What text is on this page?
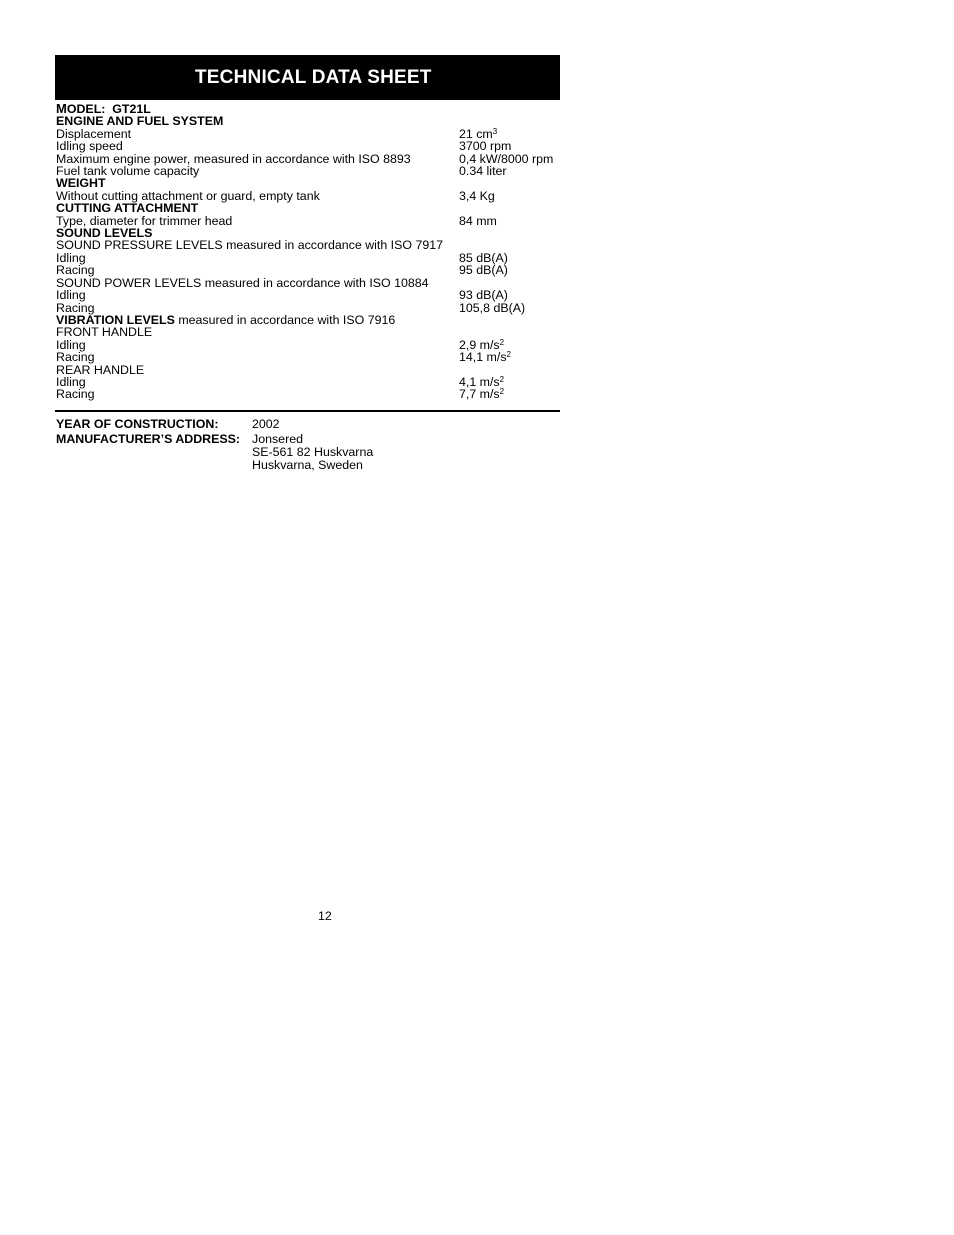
TECHNICAL DATA SHEET
MODEL: GT21L
ENGINE AND FUEL SYSTEM
Displacement	21 $cm^3$
Idling speed	3700 rpm
Maximum engine power, measured in accordance with ISO 8893	0,4 kW/8000 rpm
Fuel tank volume capacity	0.34 liter
WEIGHT
Without cutting attachment or guard, empty tank	3,4 Kg
CUTTING ATTACHMENT
Type, diameter for trimmer head	84 mm
SOUND LEVELS
SOUND PRESSURE LEVELS measured in accordance with ISO 7917
Idling	85 dB(A)
Racing	95 dB(A)
SOUND POWER LEVELS measured in accordance with ISO 10884
Idling	93 dB(A)
Racing	105,8 dB(A)
VIBRATION LEVELS measured in accordance with ISO 7916
FRONT HANDLE
Idling	2,9 $m/s^2$
Racing	14,1 $m/s^2$
REAR HANDLE
Idling	4,1 $m/s^2$
Racing	7,7 $m/s^2$
YEAR OF CONSTRUCTION:	2002
MANUFACTURER’S ADDRESS: Jonsered
SE-561 82 Huskvarna
Huskvarna, Sweden
12
